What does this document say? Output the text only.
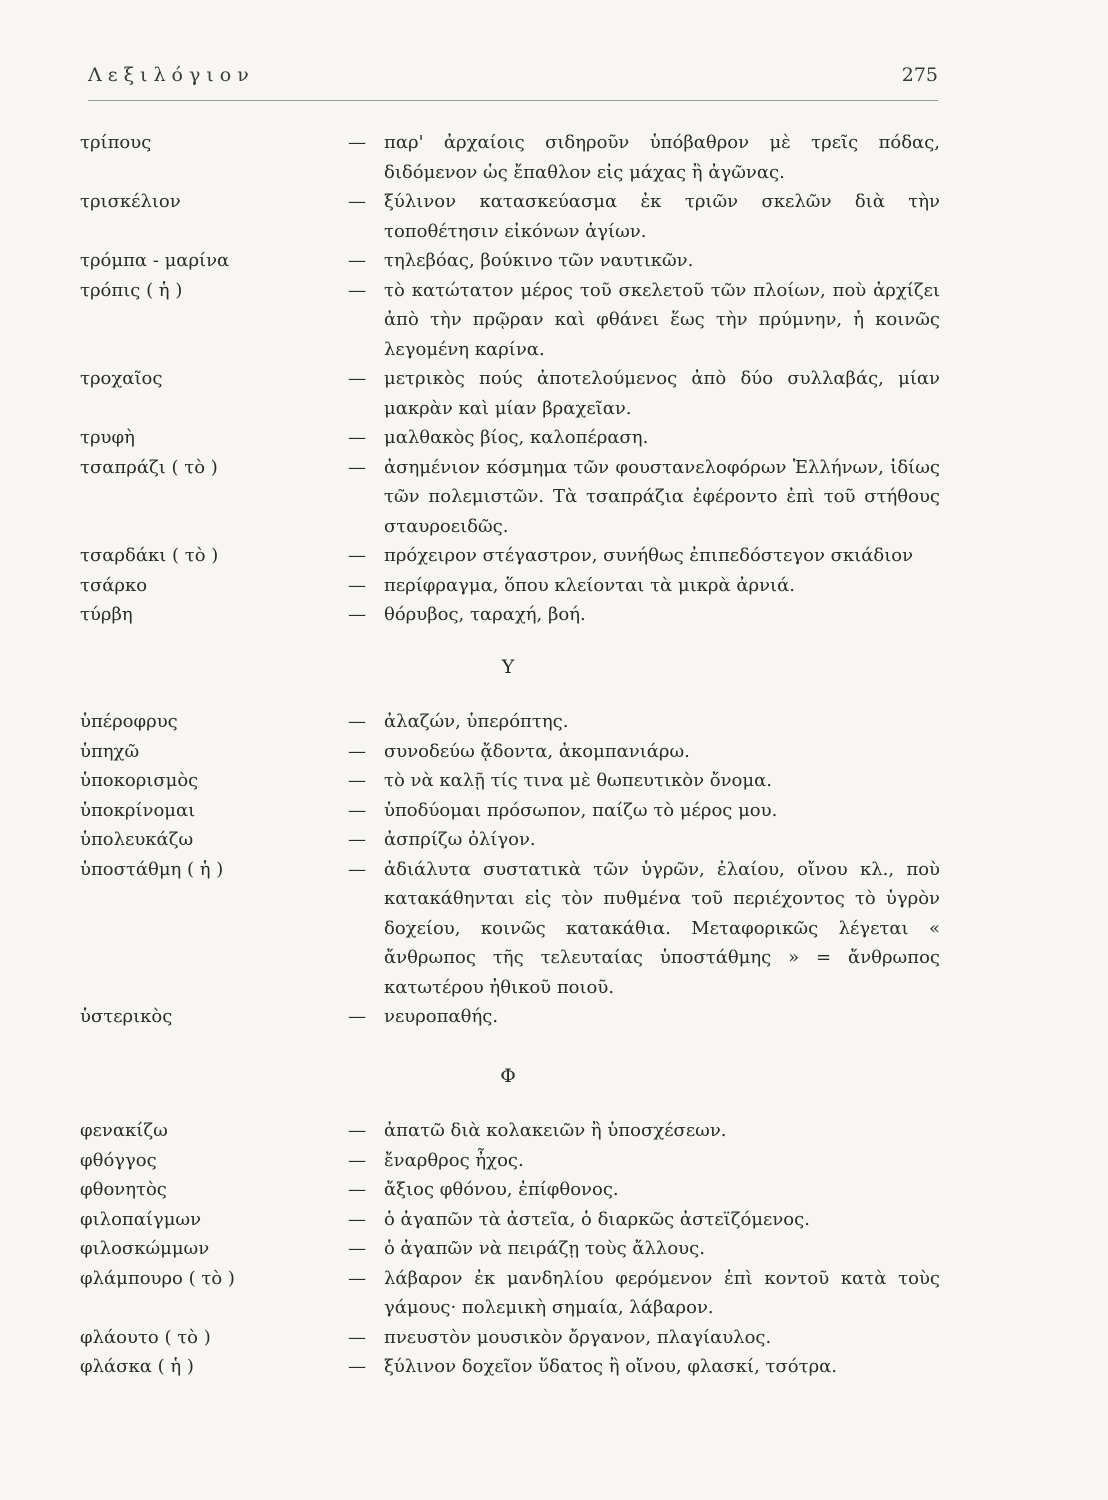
Λεξιλόγιον	275
τρίπους	—	παρ' ἀρχαίοις σιδηροῦν ὑπόβαθρον μὲ τρεῖς πόδας, διδόμενον ὡς ἔπαθλον εἰς μάχας ἢ ἀγῶνας.
τρισκέλιον	—	ξύλινον κατασκεύασμα ἐκ τριῶν σκελῶν διὰ τὴν τοποθέτησιν εἰκόνων ἁγίων.
τρόμπα - μαρίνα	—	τηλεβόας, βούκινο τῶν ναυτικῶν.
τρόπις ( ἡ )	—	τὸ κατώτατον μέρος τοῦ σκελετοῦ τῶν πλοίων, ποὺ ἀρχίζει ἀπὸ τὴν πρῷραν καὶ φθάνει ἕως τὴν πρύμνην, ἡ κοινῶς λεγομένη καρίνα.
τροχαῖος	—	μετρικὸς πούς ἀποτελούμενος ἀπὸ δύο συλλαβάς, μίαν μακρὰν καὶ μίαν βραχεῖαν.
τρυφὴ	—	μαλθακὸς βίος, καλοπέραση.
τσαπράζι ( τὸ )	—	ἀσημένιον κόσμημα τῶν φουστανελοφόρων Ἑλλήνων, ἰδίως τῶν πολεμιστῶν. Τὰ τσαπράζια ἐφέροντο ἐπὶ τοῦ στήθους σταυροειδῶς.
τσαρδάκι ( τὸ )	—	πρόχειρον στέγαστρον, συνήθως ἐπιπεδόστεγον σκιάδιον
τσάρκο	—	περίφραγμα, ὅπου κλείονται τὰ μικρὰ ἀρνιά.
τύρβη	—	θόρυβος, ταραχή, βοή.
Υ
ὑπέροφρυς	—	ἀλαζών, ὑπερόπτης.
ὑπηχῶ	—	συνοδεύω ᾄδοντα, ἀκομπανιάρω.
ὑποκορισμὸς	—	τὸ νὰ καλῇ τίς τινα μὲ θωπευτικὸν ὄνομα.
ὑποκρίνομαι	—	ὑποδύομαι πρόσωπον, παίζω τὸ μέρος μου.
ὑπολευκάζω	—	ἀσπρίζω ὀλίγον.
ὑποστάθμη ( ἡ )	—	ἀδιάλυτα συστατικὰ τῶν ὑγρῶν, ἐλαίου, οἴνου κλ., ποὺ κατακάθηνται εἰς τὸν πυθμένα τοῦ περιέχοντος τὸ ὑγρὸν δοχείου, κοινῶς κατακάθια. Μεταφορικῶς λέγεται « ἄνθρωπος τῆς τελευταίας ὑποστάθμης » = ἄνθρωπος κατωτέρου ἠθικοῦ ποιοῦ.
ὑστερικὸς	—	νευροπαθής.
Φ
φενακίζω	—	ἀπατῶ διὰ κολακειῶν ἢ ὑποσχέσεων.
φθόγγος	—	ἔναρθρος ἦχος.
φθονητὸς	—	ἄξιος φθόνου, ἐπίφθονος.
φιλοπαίγμων	—	ὁ ἀγαπῶν τὰ ἀστεῖα, ὁ διαρκῶς ἀστεϊζόμενος.
φιλοσκώμμων	—	ὁ ἀγαπῶν νὰ πειράζῃ τοὺς ἄλλους.
φλάμπουρο ( τὸ )	—	λάβαρον ἐκ μανδηλίου φερόμενον ἐπὶ κοντοῦ κατὰ τοὺς γάμους· πολεμικὴ σημαία, λάβαρον.
φλάουτο ( τὸ )	—	πνευστὸν μουσικὸν ὄργανον, πλαγίαυλος.
φλάσκα ( ἡ )	—	ξύλινον δοχεῖον ὕδατος ἢ οἴνου, φλασκί, τσότρα.
